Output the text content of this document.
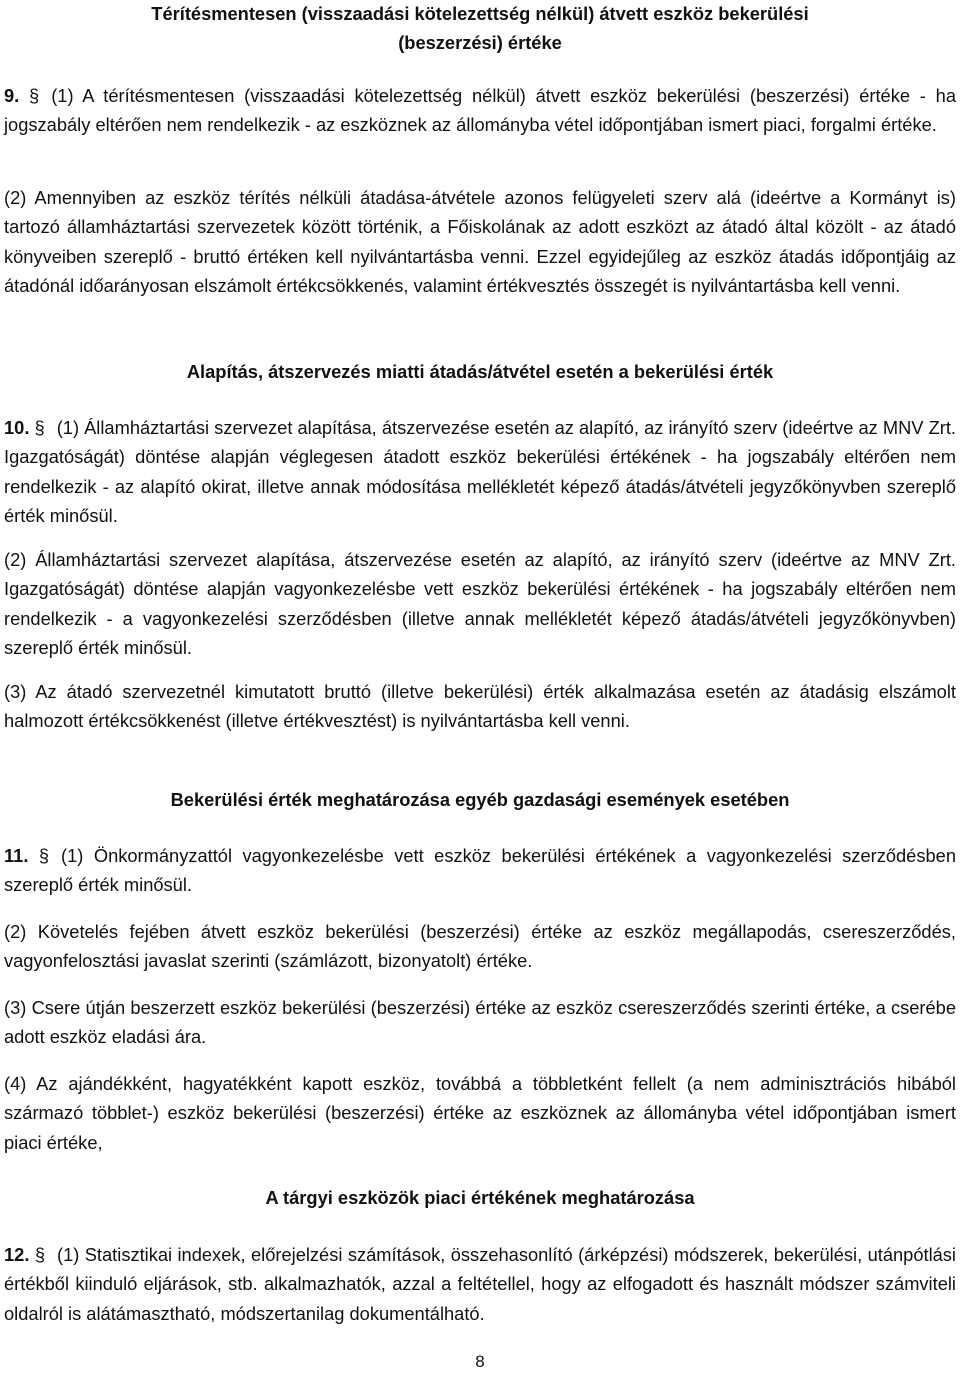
Térítésmentesen (visszaadási kötelezettség nélkül) átvett eszköz bekerülési
(beszerzési) értéke

9. § (1) A térítésmentesen (visszaadási kötelezettség nélkül) átvett eszköz bekerülési (beszerzési) értéke - ha jogszabály eltérően nem rendelkezik - az eszköznek az állományba vétel időpontjában ismert piaci, forgalmi értéke.

(2) Amennyiben az eszköz térítés nélküli átadása-átvétele azonos felügyeleti szerv alá (ideértve a Kormányt is) tartozó államháztartási szervezetek között történik, a Főiskolának az adott eszközt az átadó által közölt - az átadó könyveiben szereplő - bruttó értéken kell nyilvántartásba venni. Ezzel egyidejűleg az eszköz átadás időpontjáig az átadónál időarányosan elszámolt értékcsökkenés, valamint értékvesztés összegét is nyilvántartásba kell venni.

Alapítás, átszervezés miatti átadás/átvétel esetén a bekerülési érték

10. § (1) Államháztartási szervezet alapítása, átszervezése esetén az alapító, az irányító szerv (ideértve az MNV Zrt. Igazgatóságát) döntése alapján véglegesen átadott eszköz bekerülési értékének - ha jogszabály eltérően nem rendelkezik - az alapító okirat, illetve annak módosítása mellékletét képező átadás/átvételi jegyzőkönyvben szereplő érték minősül.

(2) Államháztartási szervezet alapítása, átszervezése esetén az alapító, az irányító szerv (ideértve az MNV Zrt. Igazgatóságát) döntése alapján vagyonkezelésbe vett eszköz bekerülési értékének - ha jogszabály eltérően nem rendelkezik - a vagyonkezelési szerződésben (illetve annak mellékletét képező átadás/átvételi jegyzőkönyvben) szereplő érték minősül.

(3) Az átadó szervezetnél kimutatott bruttó (illetve bekerülési) érték alkalmazása esetén az átadásig elszámolt halmozott értékcsökkenést (illetve értékvesztést) is nyilvántartásba kell venni.

Bekerülési érték meghatározása egyéb gazdasági események esetében

11. § (1) Önkormányzattól vagyonkezelésbe vett eszköz bekerülési értékének a vagyonkezelési szerződésben szereplő érték minősül.

(2) Követelés fejében átvett eszköz bekerülési (beszerzési) értéke az eszköz megállapodás, csereszerződés, vagyonfelosztási javaslat szerinti (számlázott, bizonyatolt) értéke.

(3) Csere útján beszerzett eszköz bekerülési (beszerzési) értéke az eszköz csereszerződés szerinti értéke, a cserébe adott eszköz eladási ára.

(4) Az ajándékként, hagyatékként kapott eszköz, továbbá a többletként fellelt (a nem adminisztrációs hibából származó többlet-) eszköz bekerülési (beszerzési) értéke az eszköznek az állományba vétel időpontjában ismert piaci értéke,

A tárgyi eszközök piaci értékének meghatározása

12. § (1) Statisztikai indexek, előrejelzési számítások, összehasonlító (árképzési) módszerek, bekerülési, utánpótlási értékből kiinduló eljárások, stb. alkalmazhatók, azzal a feltétellel, hogy az elfogadott és használt módszer számviteli oldalról is alátámasztható, módszertanilag dokumentálható.

8
